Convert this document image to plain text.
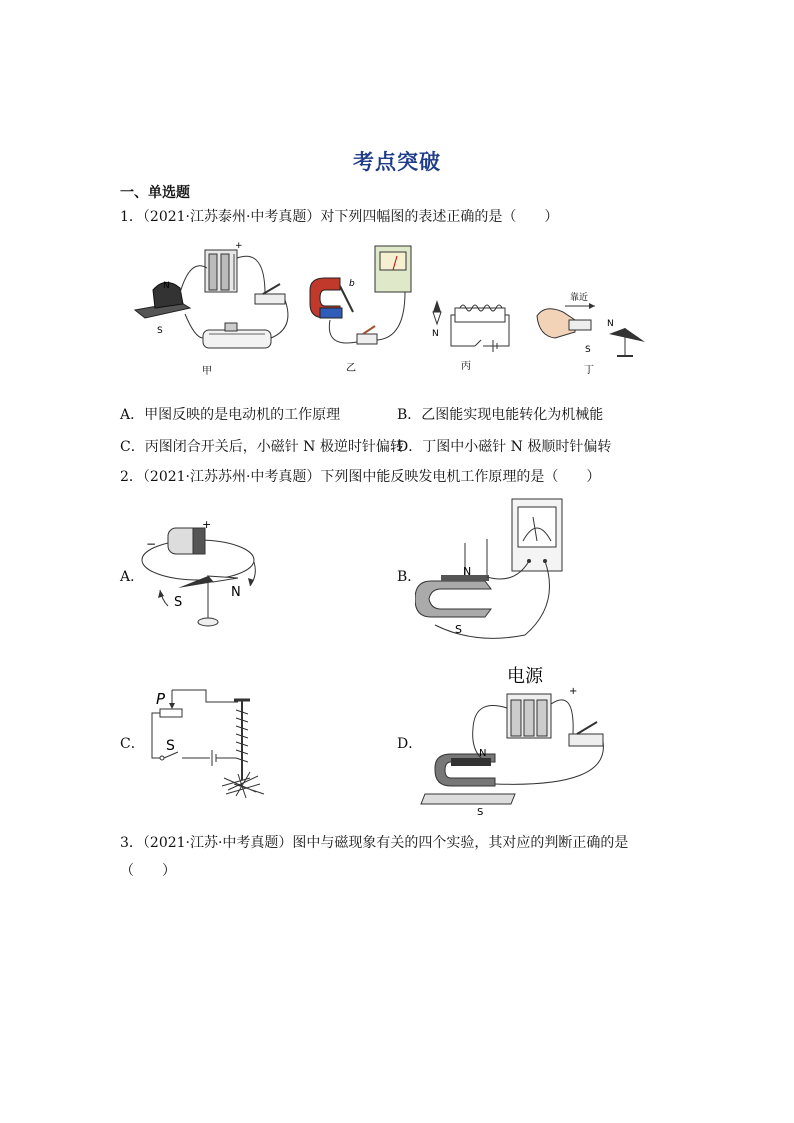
考点突破
一、单选题
1．（2021·江苏泰州·中考真题）对下列四幅图的表述正确的是（　　）
+
N
S
b
N
靠近
S
N
甲	乙	丙	丁
A．甲图反映的是电动机的工作原理	B．乙图能实现电能转化为机械能
C．丙图闭合开关后，小磁针 N 极逆时针偏转
D．丁图中小磁针 N 极顺时针偏转
2．（2021·江苏苏州·中考真题）下列图中能反映发电机工作原理的是（　　）
A．
−
+
S
N
B．	N
S
C．
P
S	D．
电源
+
N
S
3．（2021·江苏·中考真题）图中与磁现象有关的四个实验，其对应的判断正确的是
（　　）
